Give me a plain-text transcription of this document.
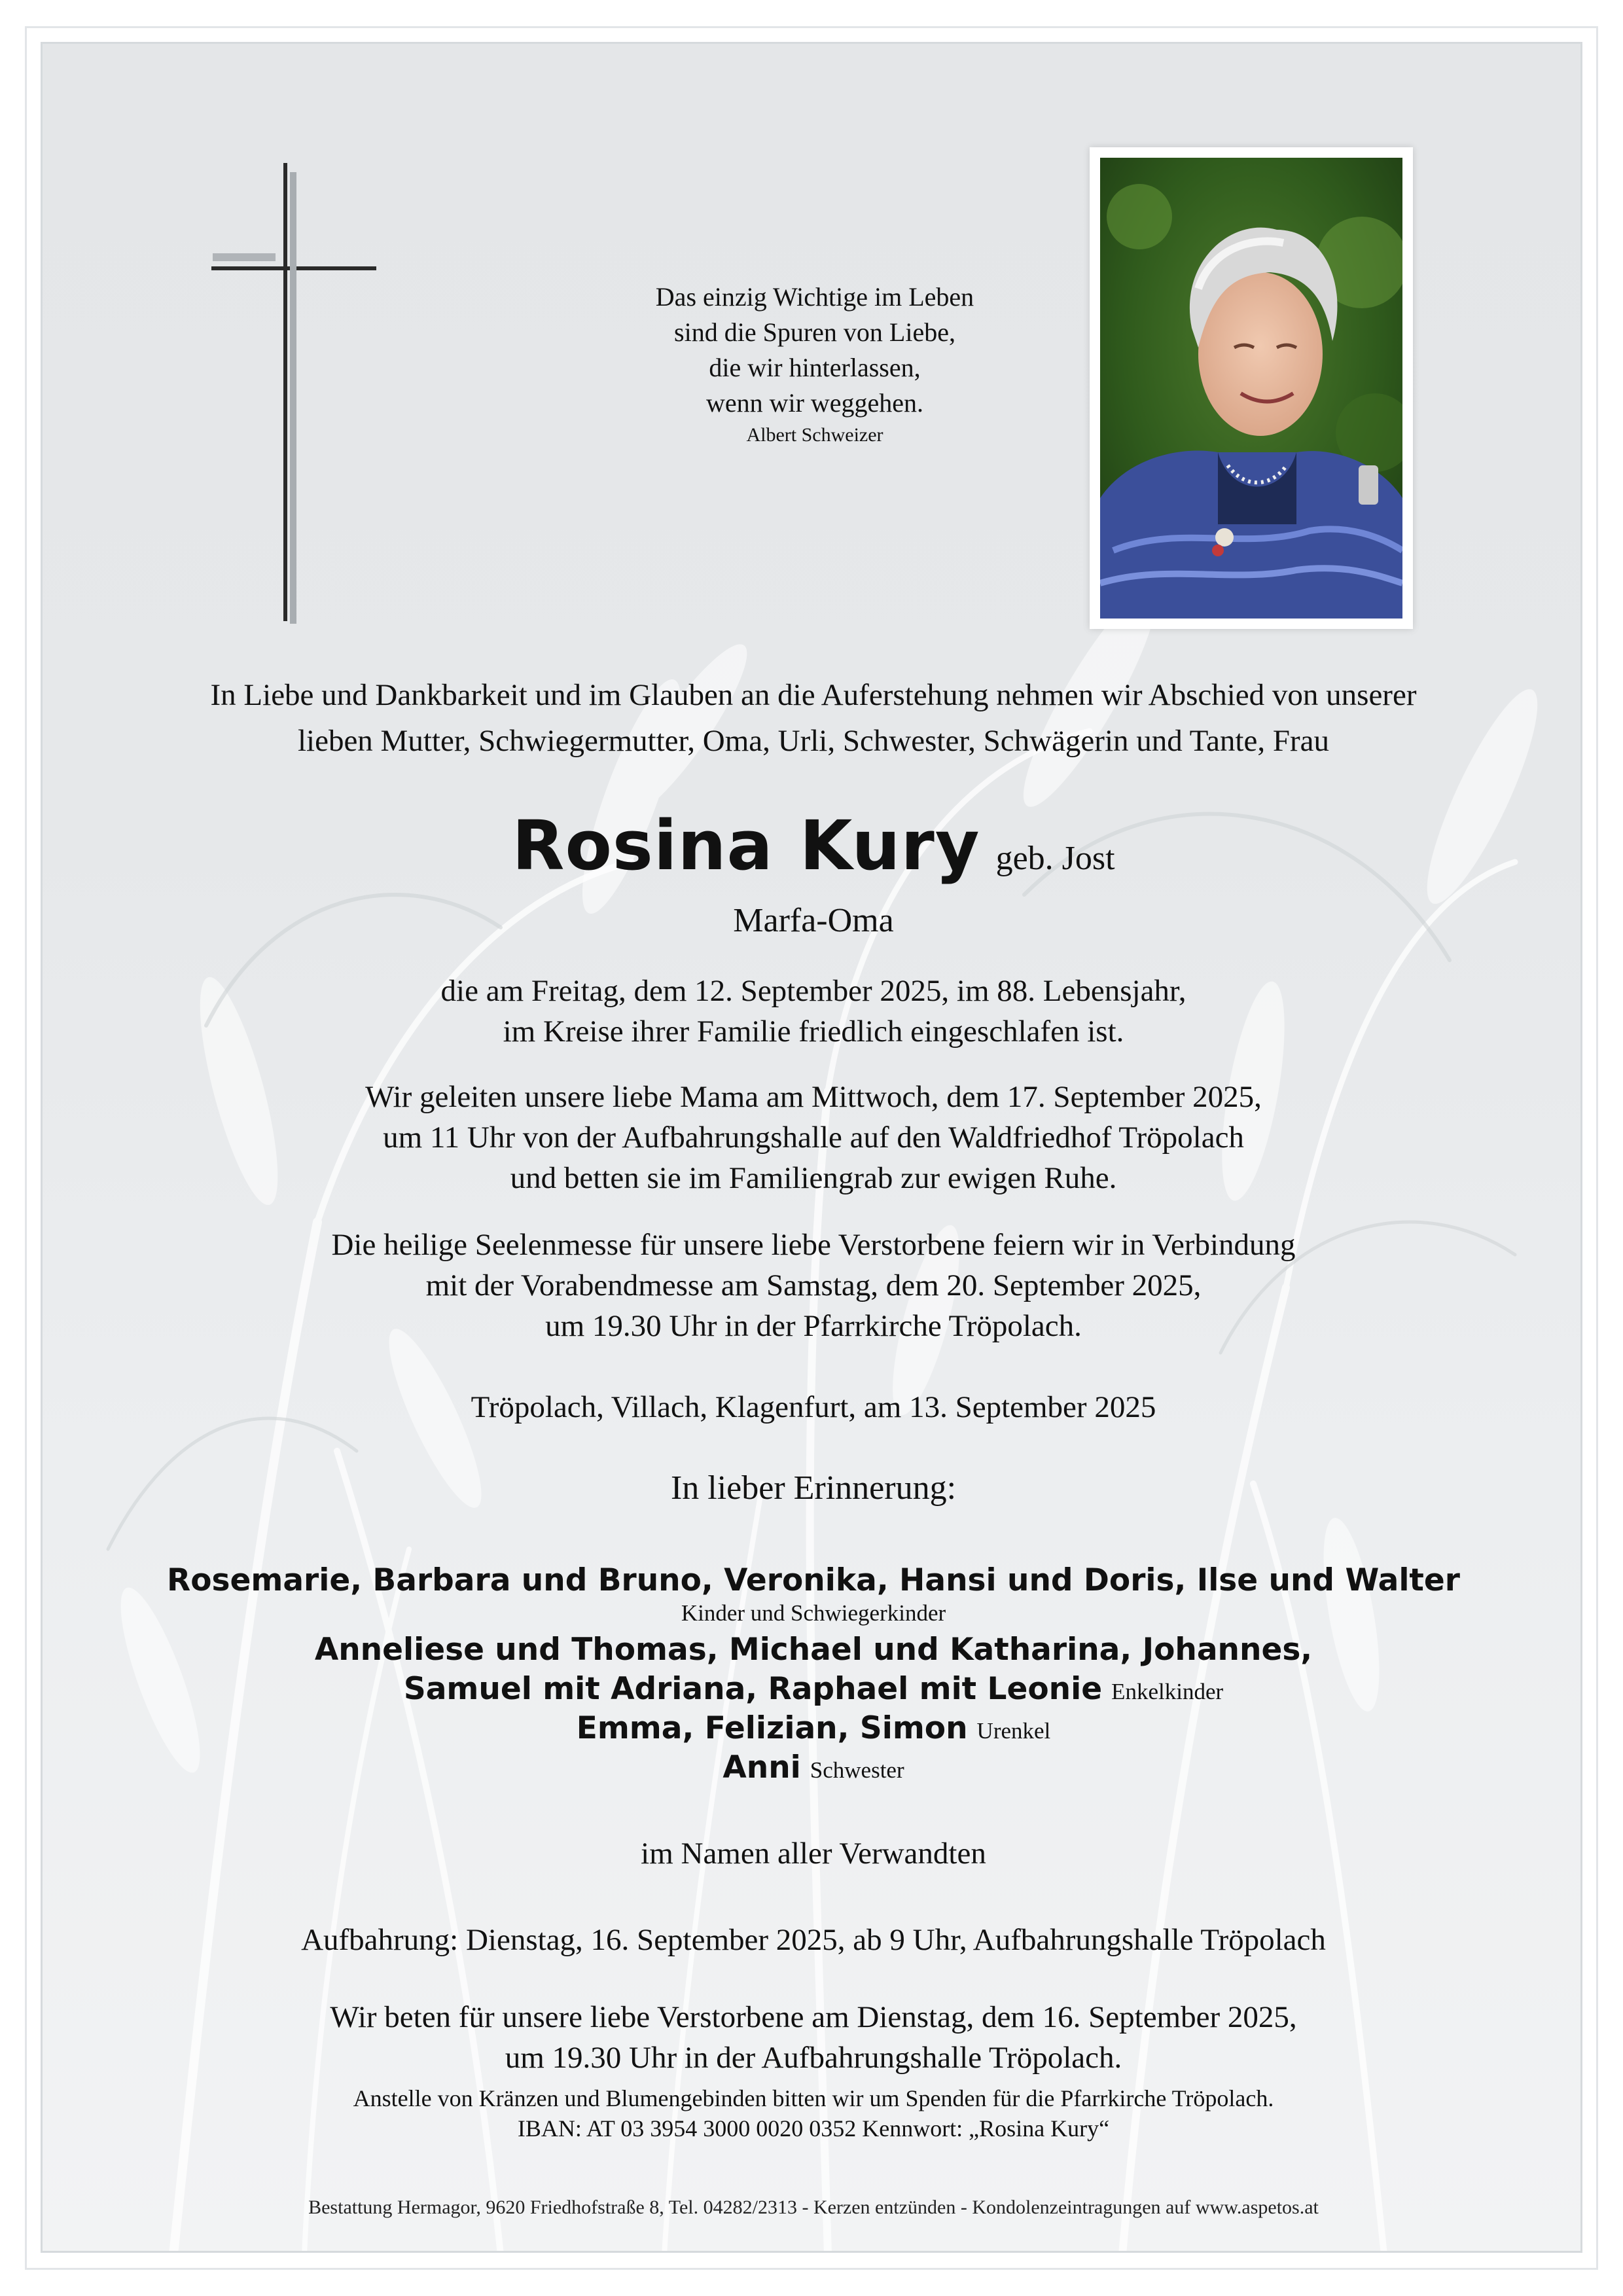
Das einzig Wichtige im Leben
sind die Spuren von Liebe,
die wir hinterlassen,
wenn wir weggehen.
Albert Schweizer
In Liebe und Dankbarkeit und im Glauben an die Auferstehung nehmen wir Abschied von unserer
lieben Mutter, Schwiegermutter, Oma, Urli, Schwester, Schwägerin und Tante, Frau
Rosina Kury geb. Jost
Marfa-Oma
die am Freitag, dem 12. September 2025, im 88. Lebensjahr,
im Kreise ihrer Familie friedlich eingeschlafen ist.
Wir geleiten unsere liebe Mama am Mittwoch, dem 17. September 2025,
um 11 Uhr von der Aufbahrungshalle auf den Waldfriedhof Tröpolach
und betten sie im Familiengrab zur ewigen Ruhe.
Die heilige Seelenmesse für unsere liebe Verstorbene feiern wir in Verbindung
mit der Vorabendmesse am Samstag, dem 20. September 2025,
um 19.30 Uhr in der Pfarrkirche Tröpolach.
Tröpolach, Villach, Klagenfurt, am 13. September 2025
In lieber Erinnerung:
Rosemarie, Barbara und Bruno, Veronika, Hansi und Doris, Ilse und Walter
Kinder und Schwiegerkinder
Anneliese und Thomas, Michael und Katharina, Johannes,
Samuel mit Adriana, Raphael mit Leonie Enkelkinder
Emma, Felizian, Simon Urenkel
Anni Schwester
im Namen aller Verwandten
Aufbahrung: Dienstag, 16. September 2025, ab 9 Uhr, Aufbahrungshalle Tröpolach
Wir beten für unsere liebe Verstorbene am Dienstag, dem 16. September 2025,
um 19.30 Uhr in der Aufbahrungshalle Tröpolach.
Anstelle von Kränzen und Blumengebinden bitten wir um Spenden für die Pfarrkirche Tröpolach.
IBAN: AT 03 3954 3000 0020 0352 Kennwort: „Rosina Kury“
Bestattung Hermagor, 9620 Friedhofstraße 8, Tel. 04282/2313 - Kerzen entzünden - Kondolenzeintragungen auf www.aspetos.at
